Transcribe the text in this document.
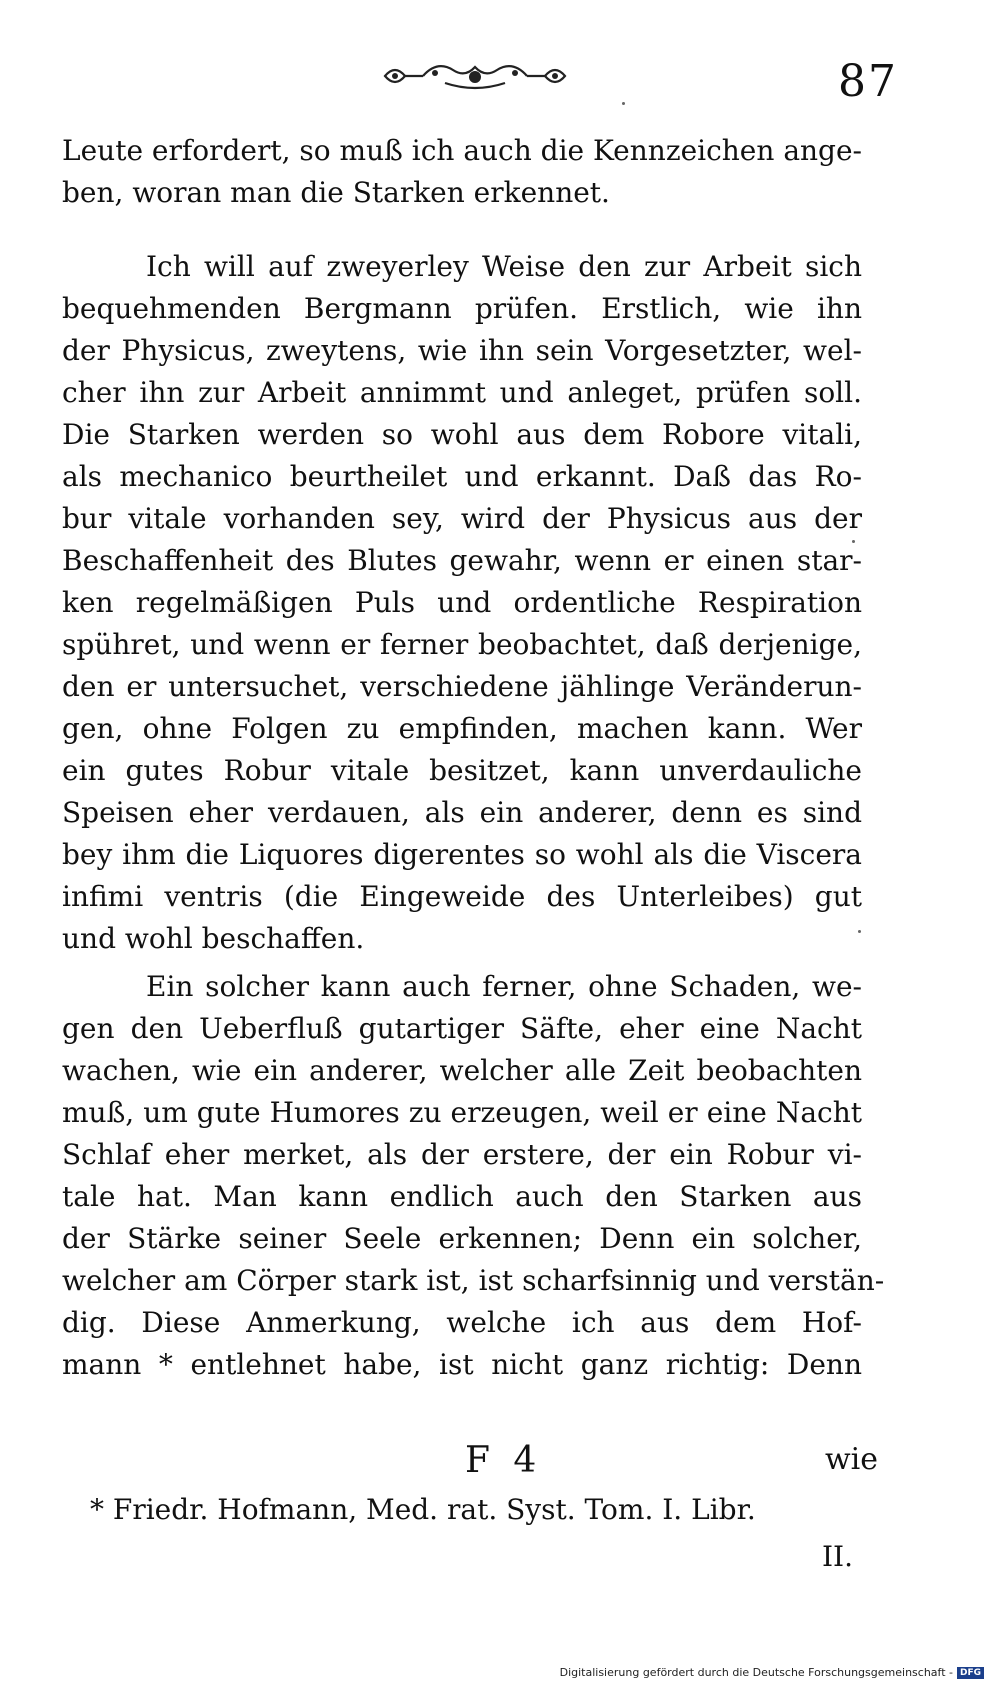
87
Leute erfordert, so muß ich auch die Kennzeichen ange-
ben, woran man die Starken erkennet.
Ich will auf zweyerley Weise den zur Arbeit sich
bequehmenden Bergmann prüfen. Erstlich, wie ihn
der Physicus, zweytens, wie ihn sein Vorgesetzter, wel-
cher ihn zur Arbeit annimmt und anleget, prüfen soll.
Die Starken werden so wohl aus dem Robore vitali,
als mechanico beurtheilet und erkannt. Daß das Ro-
bur vitale vorhanden sey, wird der Physicus aus der
Beschaffenheit des Blutes gewahr, wenn er einen star-
ken regelmäßigen Puls und ordentliche Respiration
spühret, und wenn er ferner beobachtet, daß derjenige,
den er untersuchet, verschiedene jählinge Veränderun-
gen, ohne Folgen zu empfinden, machen kann. Wer
ein gutes Robur vitale besitzet, kann unverdauliche
Speisen eher verdauen, als ein anderer, denn es sind
bey ihm die Liquores digerentes so wohl als die Viscera
infimi ventris (die Eingeweide des Unterleibes) gut
und wohl beschaffen.
Ein solcher kann auch ferner, ohne Schaden, we-
gen den Ueberfluß gutartiger Säfte, eher eine Nacht
wachen, wie ein anderer, welcher alle Zeit beobachten
muß, um gute Humores zu erzeugen, weil er eine Nacht
Schlaf eher merket, als der erstere, der ein Robur vi-
tale hat. Man kann endlich auch den Starken aus
der Stärke seiner Seele erkennen; Denn ein solcher,
welcher am Cörper stark ist, ist scharfsinnig und verstän-
dig. Diese Anmerkung, welche ich aus dem Hof-
mann * entlehnet habe, ist nicht ganz richtig: Denn
F 4	wie
* Friedr. Hofmann, Med. rat. Syst. Tom. I. Libr.
II.
Digitalisierung gefördert durch die Deutsche Forschungsgemeinschaft - DFG
